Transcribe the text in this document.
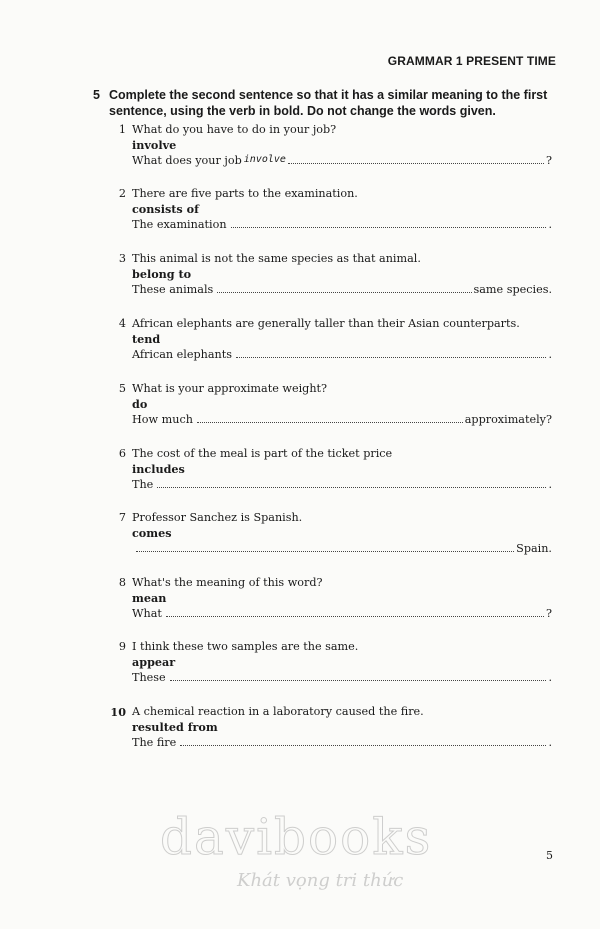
GRAMMAR 1 PRESENT TIME
5 Complete the second sentence so that it has a similar meaning to the first sentence, using the verb in bold. Do not change the words given.
1 What do you have to do in your job?
involve
What does your job involve	?
2 There are five parts to the examination.
consists of
The examination	.
3 This animal is not the same species as that animal.
belong to
These animals	same species.
4 African elephants are generally taller than their Asian counterparts.
tend
African elephants	.
5 What is your approximate weight?
do
How much	approximately?
6 The cost of the meal is part of the ticket price
includes
The	.
7 Professor Sanchez is Spanish.
comes
Spain.
8 What's the meaning of this word?
mean
What	?
9 I think these two samples are the same.
appear
These	.
10 A chemical reaction in a laboratory caused the fire.
resulted from
The fire	.
davibooks
Khát vọng tri thức
5
